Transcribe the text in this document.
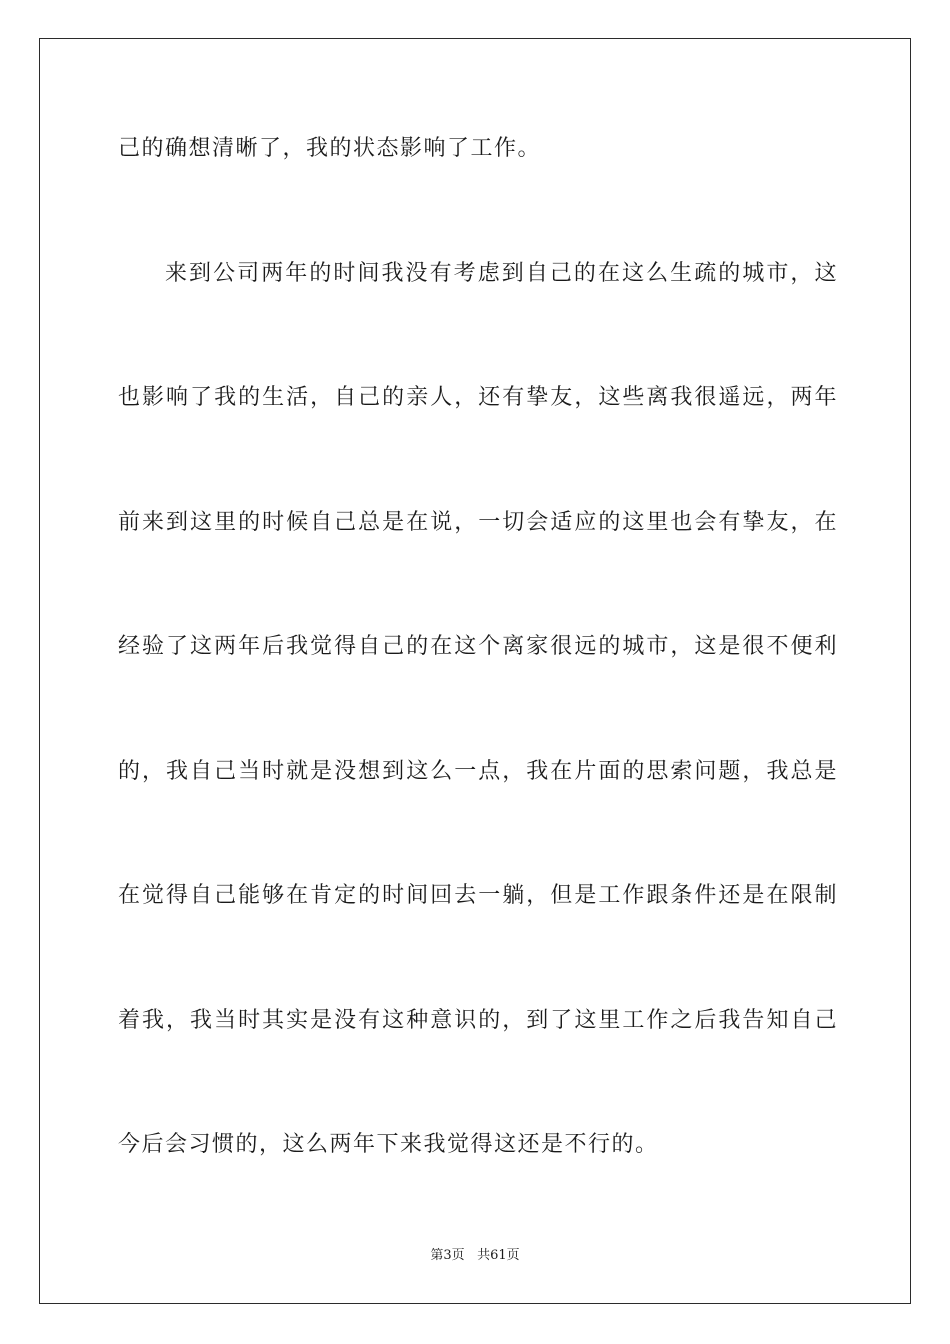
己的确想清晰了，我的状态影响了工作。
来到公司两年的时间我没有考虑到自己的在这么生疏的城市，这
也影响了我的生活，自己的亲人，还有挚友，这些离我很遥远，两年
前来到这里的时候自己总是在说，一切会适应的这里也会有挚友，在
经验了这两年后我觉得自己的在这个离家很远的城市，这是很不便利
的，我自己当时就是没想到这么一点，我在片面的思索问题，我总是
在觉得自己能够在肯定的时间回去一躺，但是工作跟条件还是在限制
着我，我当时其实是没有这种意识的，到了这里工作之后我告知自己
今后会习惯的，这么两年下来我觉得这还是不行的。
第3页 共61页
